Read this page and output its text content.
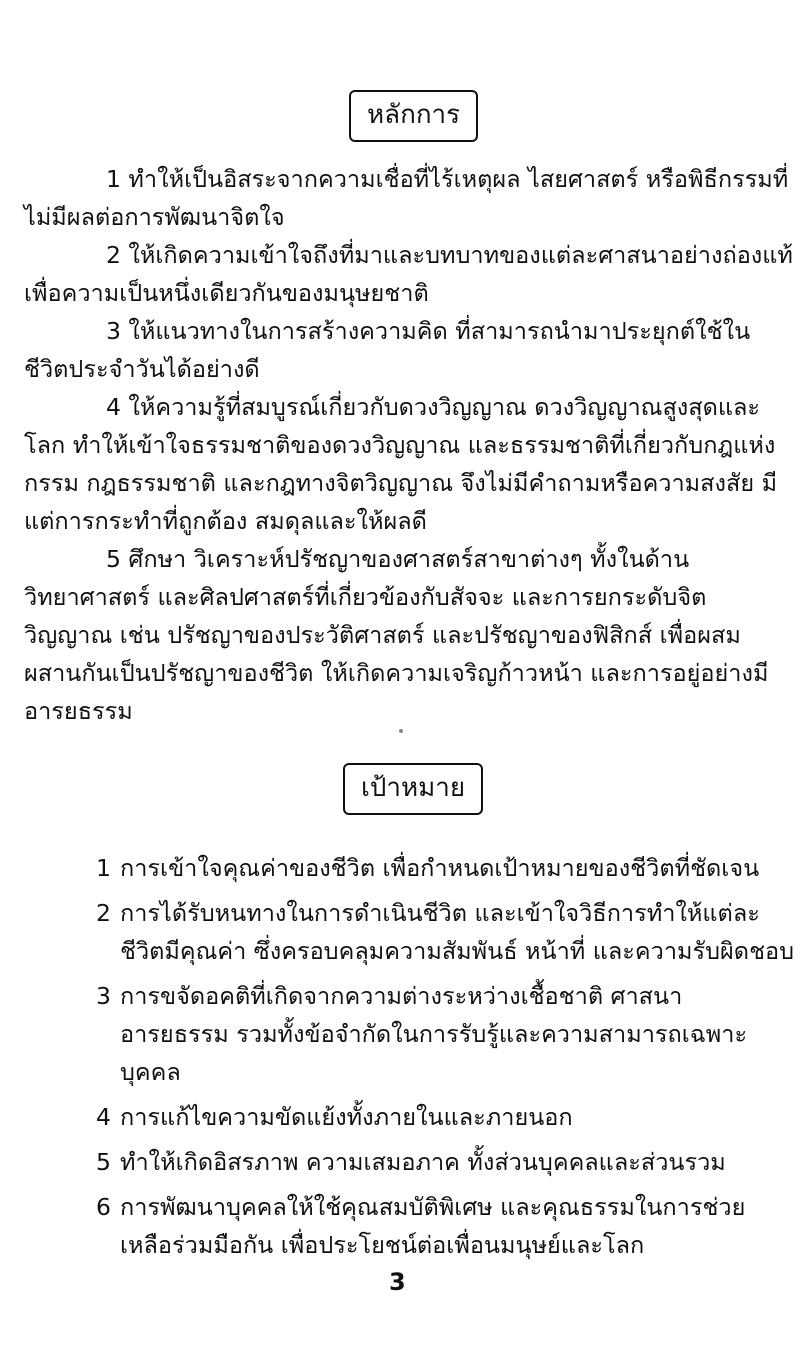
หลักการ

1 ทำให้เป็นอิสระจากความเชื่อที่ไร้เหตุผล ไสยศาสตร์ หรือพิธีกรรมที่ไม่มีผลต่อการพัฒนาจิตใจ

2 ให้เกิดความเข้าใจถึงที่มาและบทบาทของแต่ละศาสนาอย่างถ่องแท้เพื่อความเป็นหนึ่งเดียวกันของมนุษยชาติ

3 ให้แนวทางในการสร้างความคิด ที่สามารถนำมาประยุกต์ใช้ในชีวิตประจำวันได้อย่างดี

4 ให้ความรู้ที่สมบูรณ์เกี่ยวกับดวงวิญญาณ ดวงวิญญาณสูงสุดและโลก ทำให้เข้าใจธรรมชาติของดวงวิญญาณ และธรรมชาติที่เกี่ยวกับกฎแห่งกรรม กฎธรรมชาติ และกฎทางจิตวิญญาณ จึงไม่มีคำถามหรือความสงสัย มีแต่การกระทำที่ถูกต้อง สมดุลและให้ผลดี

5 ศึกษา วิเคราะห์ปรัชญาของศาสตร์สาขาต่างๆ ทั้งในด้านวิทยาศาสตร์ และศิลปศาสตร์ที่เกี่ยวข้องกับสัจจะ และการยกระดับจิตวิญญาณ เช่น ปรัชญาของประวัติศาสตร์ และปรัชญาของฟิสิกส์ เพื่อผสมผสานกันเป็นปรัชญาของชีวิต ให้เกิดความเจริญก้าวหน้า และการอยู่อย่างมีอารยธรรม

เป้าหมาย
1 การเข้าใจคุณค่าของชีวิต เพื่อกำหนดเป้าหมายของชีวิตที่ชัดเจน
2 การได้รับหนทางในการดำเนินชีวิต และเข้าใจวิธีการทำให้แต่ละชีวิตมีคุณค่า ซึ่งครอบคลุมความสัมพันธ์ หน้าที่ และความรับผิดชอบ
3 การขจัดอคติที่เกิดจากความต่างระหว่างเชื้อชาติ ศาสนา อารยธรรม รวมทั้งข้อจำกัดในการรับรู้และความสามารถเฉพาะบุคคล
4 การแก้ไขความขัดแย้งทั้งภายในและภายนอก
5 ทำให้เกิดอิสรภาพ ความเสมอภาค ทั้งส่วนบุคคลและส่วนรวม
6 การพัฒนาบุคคลให้ใช้คุณสมบัติพิเศษ และคุณธรรมในการช่วยเหลือร่วมมือกัน เพื่อประโยชน์ต่อเพื่อนมนุษย์และโลก
3
